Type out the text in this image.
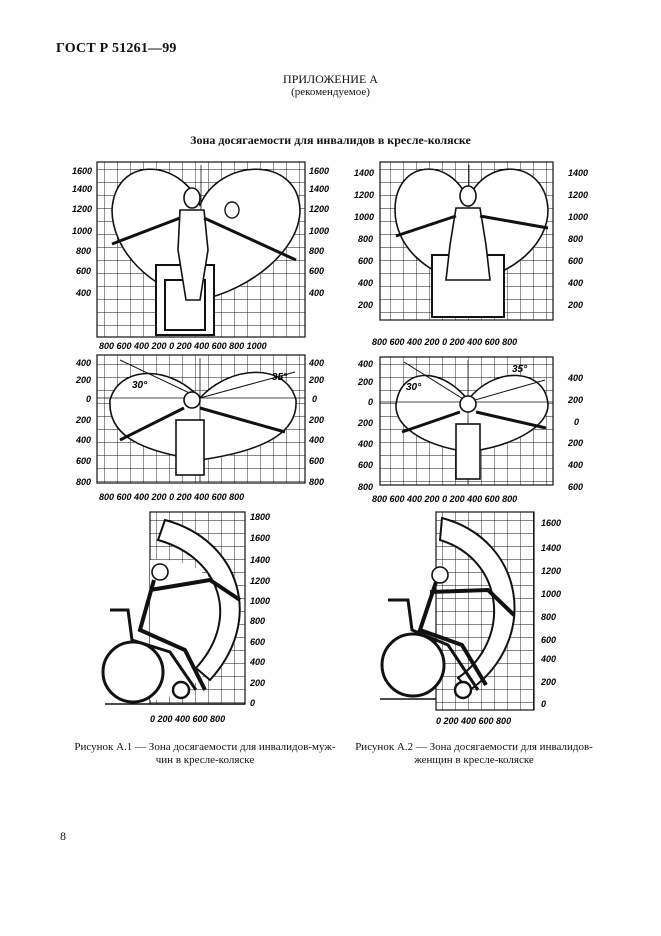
ГОСТ Р 51261—99
ПРИЛОЖЕНИЕ А
(рекомендуемое)
Зона досягаемости для инвалидов в кресле-коляске
1600
1400
1200
1000
800
600
400
1600
1400
1200
1000
800
600
400
800 600 400 200 0 200 400 600 800 1000
1400
1200
1000
800
600
400
200
1400
1200
1000
800
600
400
200
800 600 400 200 0 200 400 600 800
30°
35°
400
200
0
200
400
600
800
400
200
0
200
400
600
800
800 600 400 200 0 200 400 600 800
30°
35°
400
200
0
200
400
600
800
400
200
0
200
400
600
800 600 400 200 0 200 400 600 800
1800
1600
1400
1200
1000
800
600
400
200
0
0 200 400 600 800
1600
1400
1200
1000
800
600
400
200
0
0 200 400 600 800
Рисунок А.1 — Зона досягаемости для инвалидов-муж-
чин в кресле-коляске
Рисунок А.2 — Зона досягаемости для инвалидов-
женщин в кресле-коляске
8
